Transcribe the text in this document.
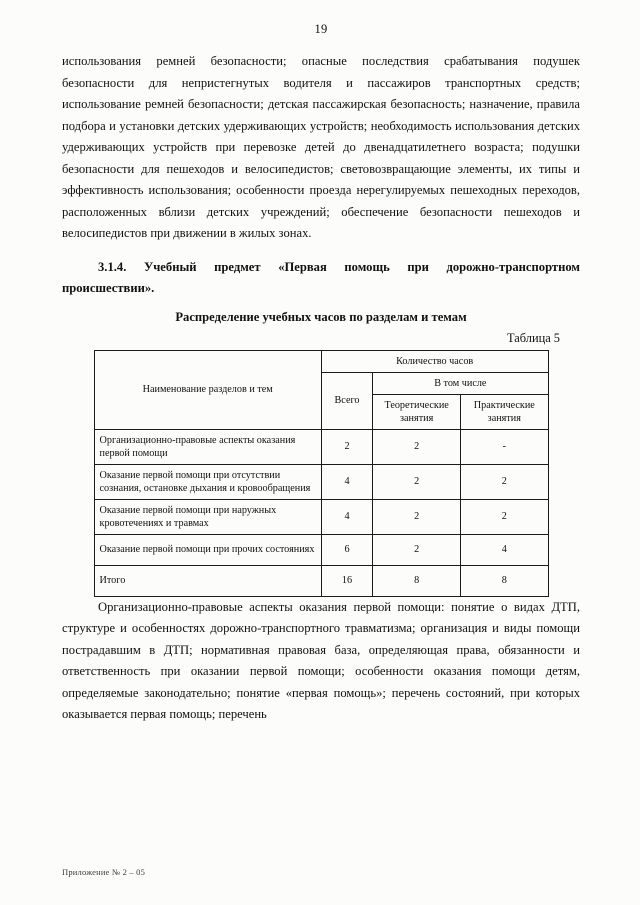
19

использования ремней безопасности; опасные последствия срабатывания подушек безопасности для непристегнутых водителя и пассажиров транспортных средств; использование ремней безопасности; детская пассажирская безопасность; назначение, правила подбора и установки детских удерживающих устройств; необходимость использования детских удерживающих устройств при перевозке детей до двенадцатилетнего возраста; подушки безопасности для пешеходов и велосипедистов; световозвращающие элементы, их типы и эффективность использования; особенности проезда нерегулируемых пешеходных переходов, расположенных вблизи детских учреждений; обеспечение безопасности пешеходов и велосипедистов при движении в жилых зонах.

3.1.4. Учебный предмет «Первая помощь при дорожно-транспортном происшествии».

Распределение учебных часов по разделам и темам
Таблица 5
Наименование разделов и тем	Количество часов		
	Всего	В том числе	
		Теоретические занятия	Практические занятия
Организационно-правовые аспекты оказания первой помощи	2	2	-
Оказание первой помощи при отсутствии сознания, остановке дыхания и кровообращения	4	2	2
Оказание первой помощи при наружных кровотечениях и травмах	4	2	2
Оказание первой помощи при прочих состояниях	6	2	4
Итого	16	8	8

Организационно-правовые аспекты оказания первой помощи: понятие о видах ДТП, структуре и особенностях дорожно-транспортного травматизма; организация и виды помощи пострадавшим в ДТП; нормативная правовая база, определяющая права, обязанности и ответственность при оказании первой помощи; особенности оказания помощи детям, определяемые законодательно; понятие «первая помощь»; перечень состояний, при которых оказывается первая помощь; перечень

Приложение № 2 – 05
